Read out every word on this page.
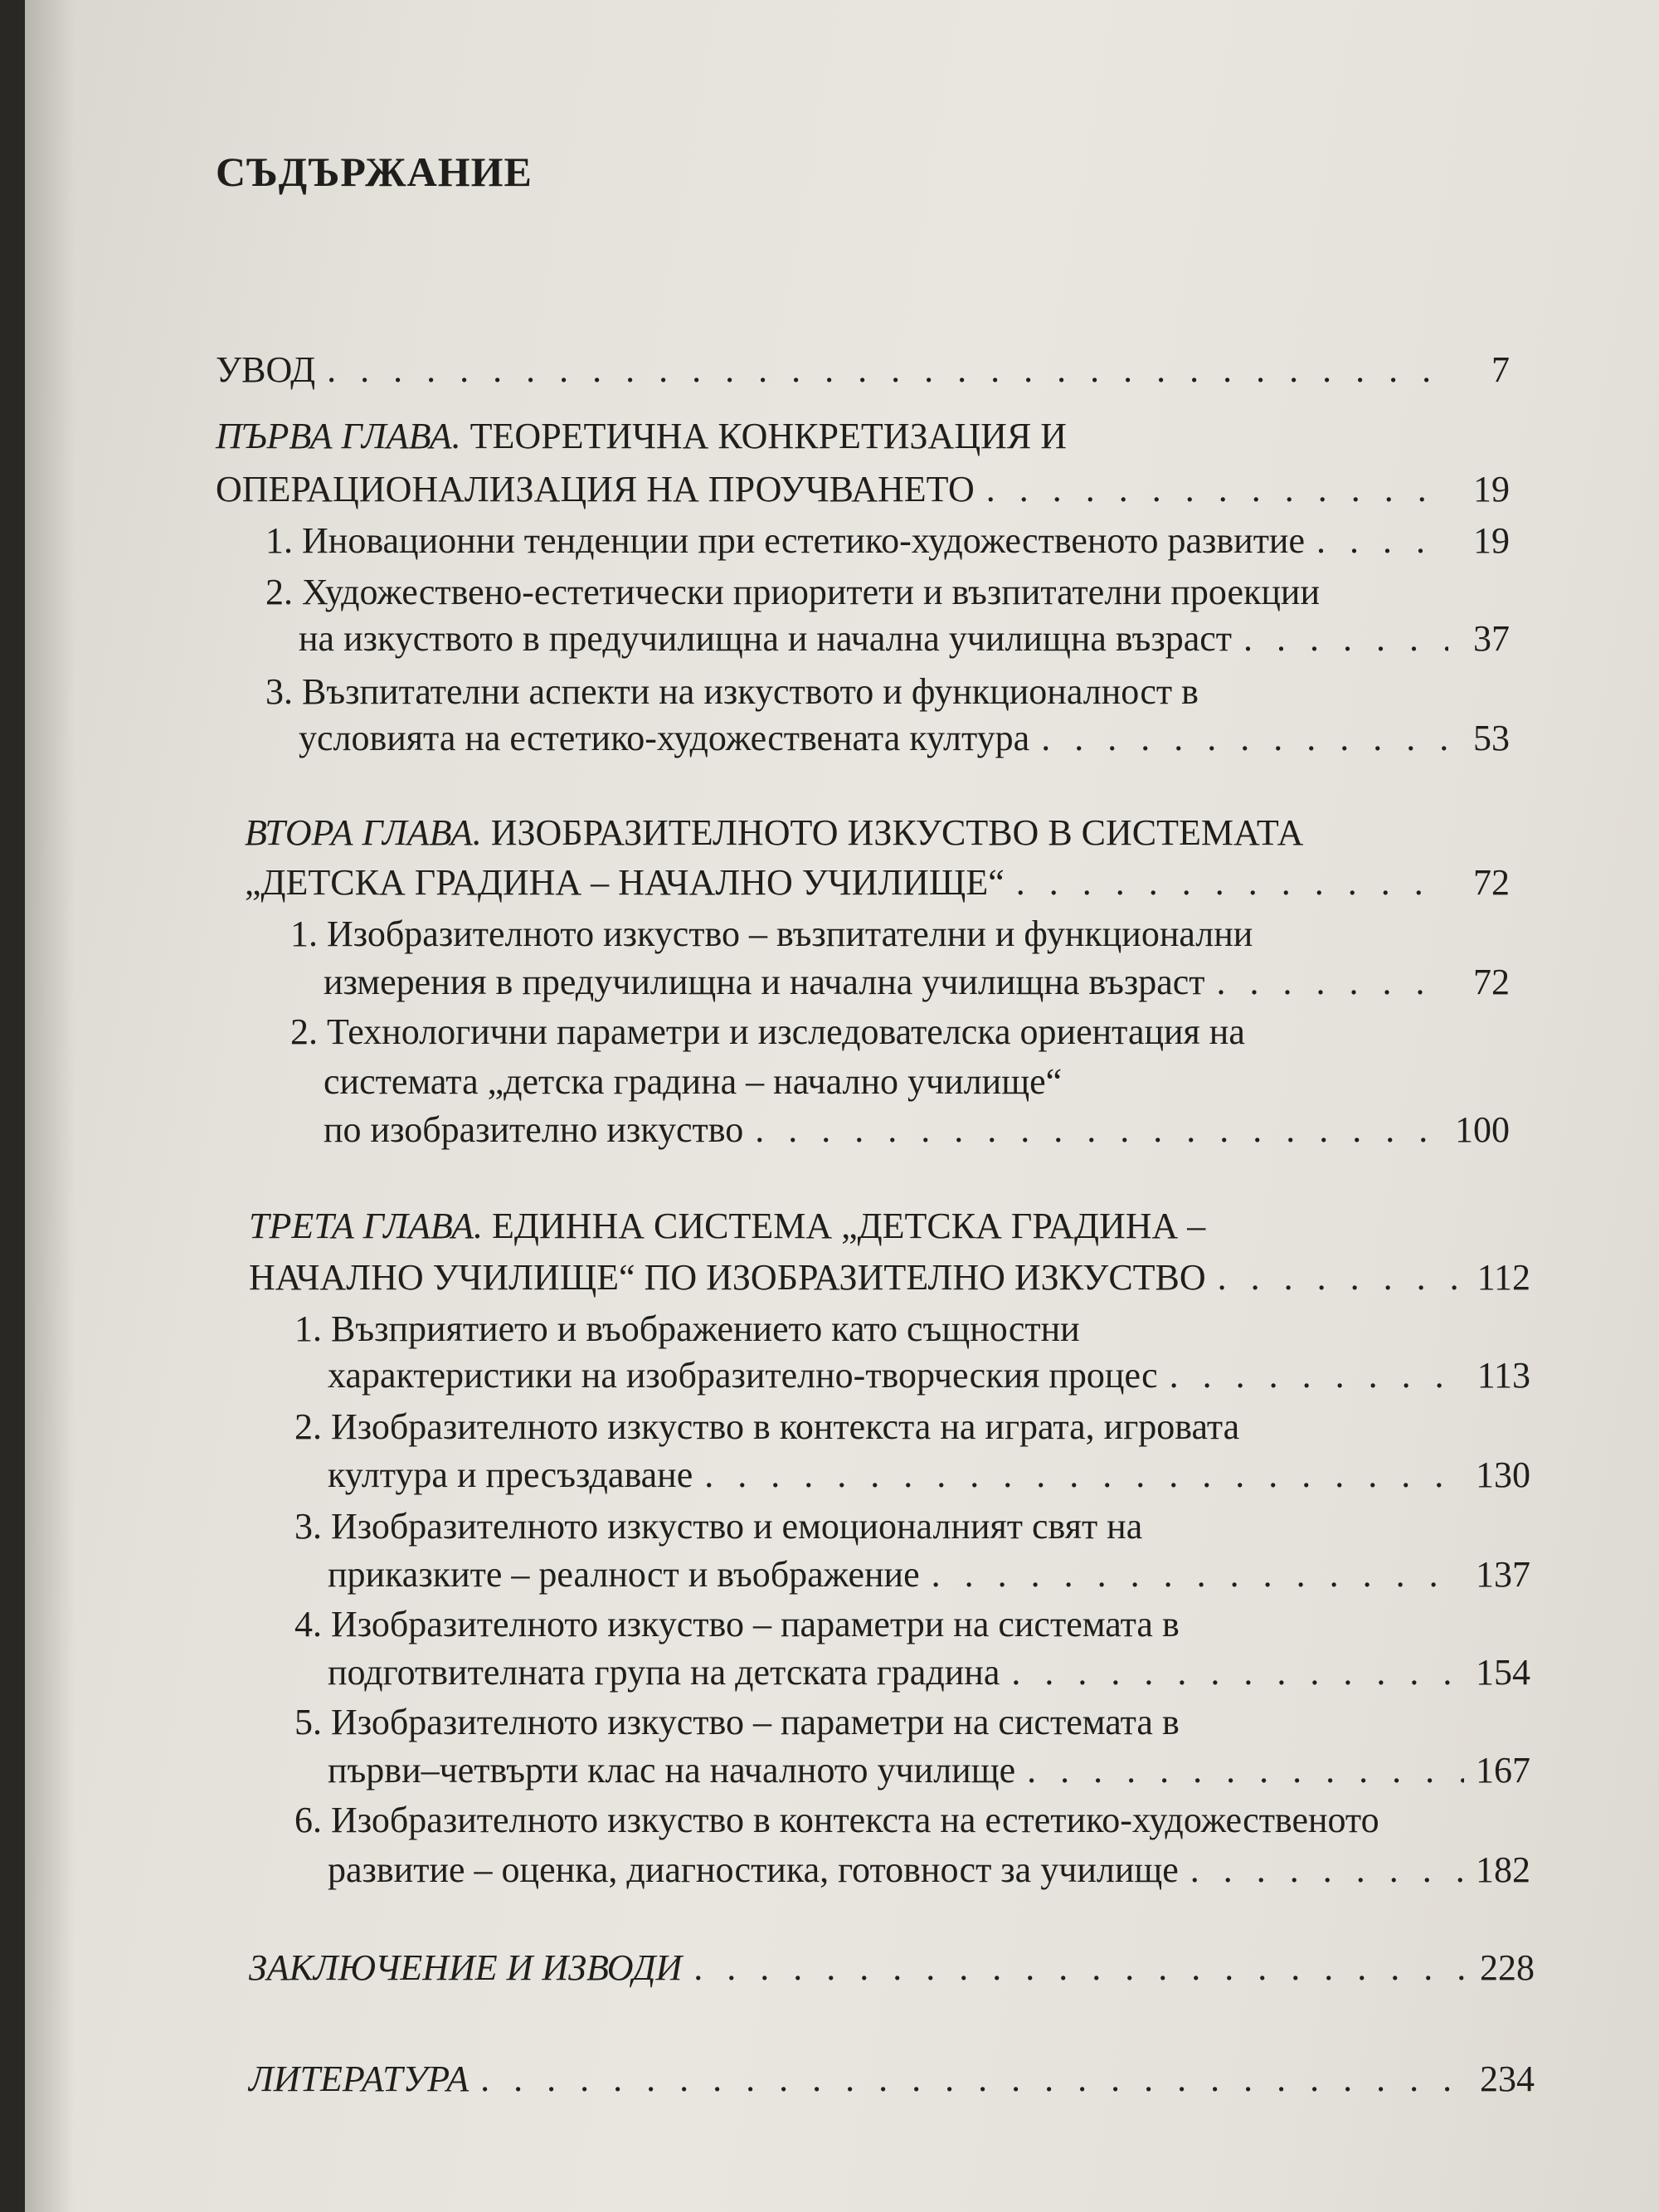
СЪДЪРЖАНИЕ
УВОД . . .	7
ПЪРВА ГЛАВА. ТЕОРЕТИЧНА КОНКРЕТИЗАЦИЯ И
ОПЕРАЦИОНАЛИЗАЦИЯ НА ПРОУЧВАНЕТО . . .	19
1. Иновационни тенденции при естетико-художественото развитие . . .	19
2. Художествено-естетически приоритети и възпитателни проекции
на изкуството в предучилищна и начална училищна възраст . . .	37
3. Възпитателни аспекти на изкуството и функционалност в
условията на естетико-художествената култура . . .	53
ВТОРА ГЛАВА. ИЗОБРАЗИТЕЛНОТО ИЗКУСТВО В СИСТЕМАТА
„ДЕТСКА ГРАДИНА – НАЧАЛНО УЧИЛИЩЕ“ . . .	72
1. Изобразителното изкуство – възпитателни и функционални
измерения в предучилищна и начална училищна възраст . . .	72
2. Технологични параметри и изследователска ориентация на
системата „детска градина – начално училище“
по изобразително изкуство . . .	100
ТРЕТА ГЛАВА. ЕДИННА СИСТЕМА „ДЕТСКА ГРАДИНА –
НАЧАЛНО УЧИЛИЩЕ“ ПО ИЗОБРАЗИТЕЛНО ИЗКУСТВО . . .	112
1. Възприятието и въображението като същностни
характеристики на изобразително-творческия процес . . .	113
2. Изобразителното изкуство в контекста на играта, игровата
култура и пресъздаване . . .	130
3. Изобразителното изкуство и емоционалният свят на
приказките – реалност и въображение . . .	137
4. Изобразителното изкуство – параметри на системата в
подготвителната група на детската градина . . .	154
5. Изобразителното изкуство – параметри на системата в
първи–четвърти клас на началното училище . . .	167
6. Изобразителното изкуство в контекста на естетико-художественото
развитие – оценка, диагностика, готовност за училище . . .	182
ЗАКЛЮЧЕНИЕ И ИЗВОДИ . . .	228
ЛИТЕРАТУРА . . .	234
